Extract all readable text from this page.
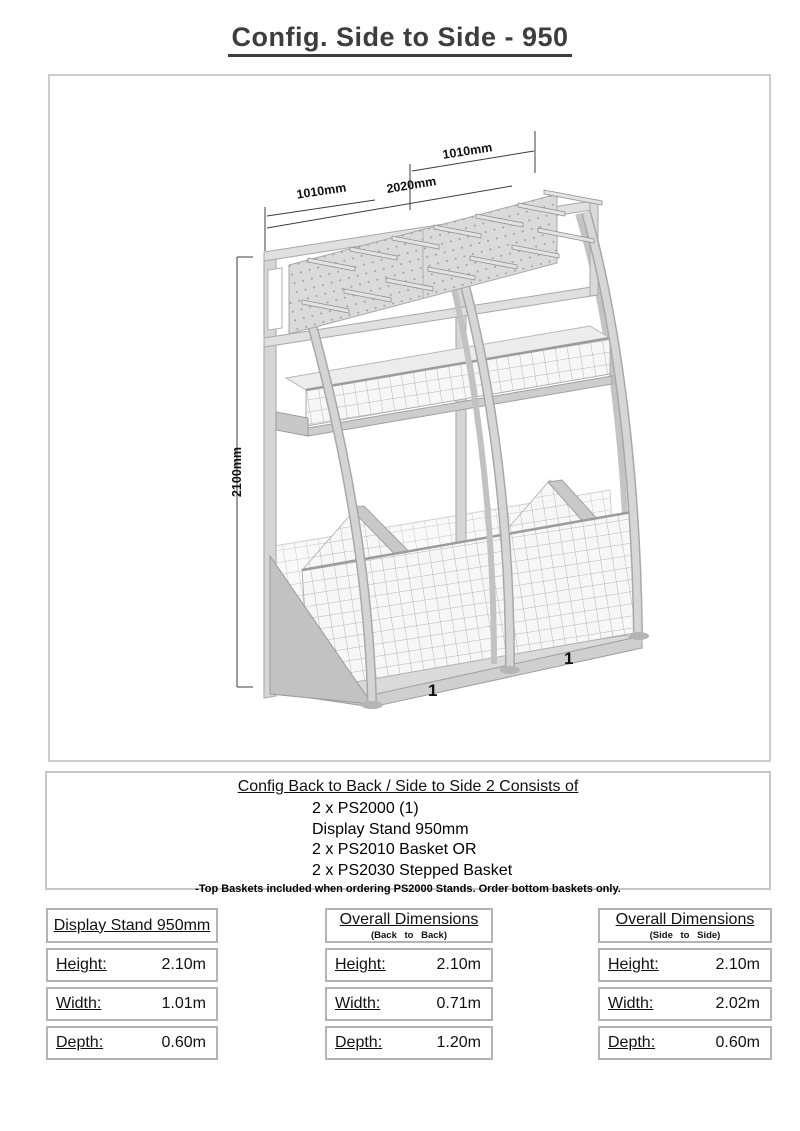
Config. Side to Side - 950
1010mm	2020mm
1010mm
2100mm
1
1
Config Back to Back / Side to Side 2 Consists of
2 x PS2000 (1)
Display Stand 950mm
2 x PS2010 Basket OR
2 x PS2030 Stepped Basket
-Top Baskets included when ordering PS2000 Stands. Order bottom baskets only.
Display Stand 950mm
Height:	2.10m
Width:	1.01m
Depth:	0.60m
Overall Dimensions
(Back to Back)
Height:	2.10m
Width:	0.71m
Depth:	1.20m
Overall Dimensions
(Side to Side)
Height:	2.10m
Width:	2.02m
Depth:	0.60m
